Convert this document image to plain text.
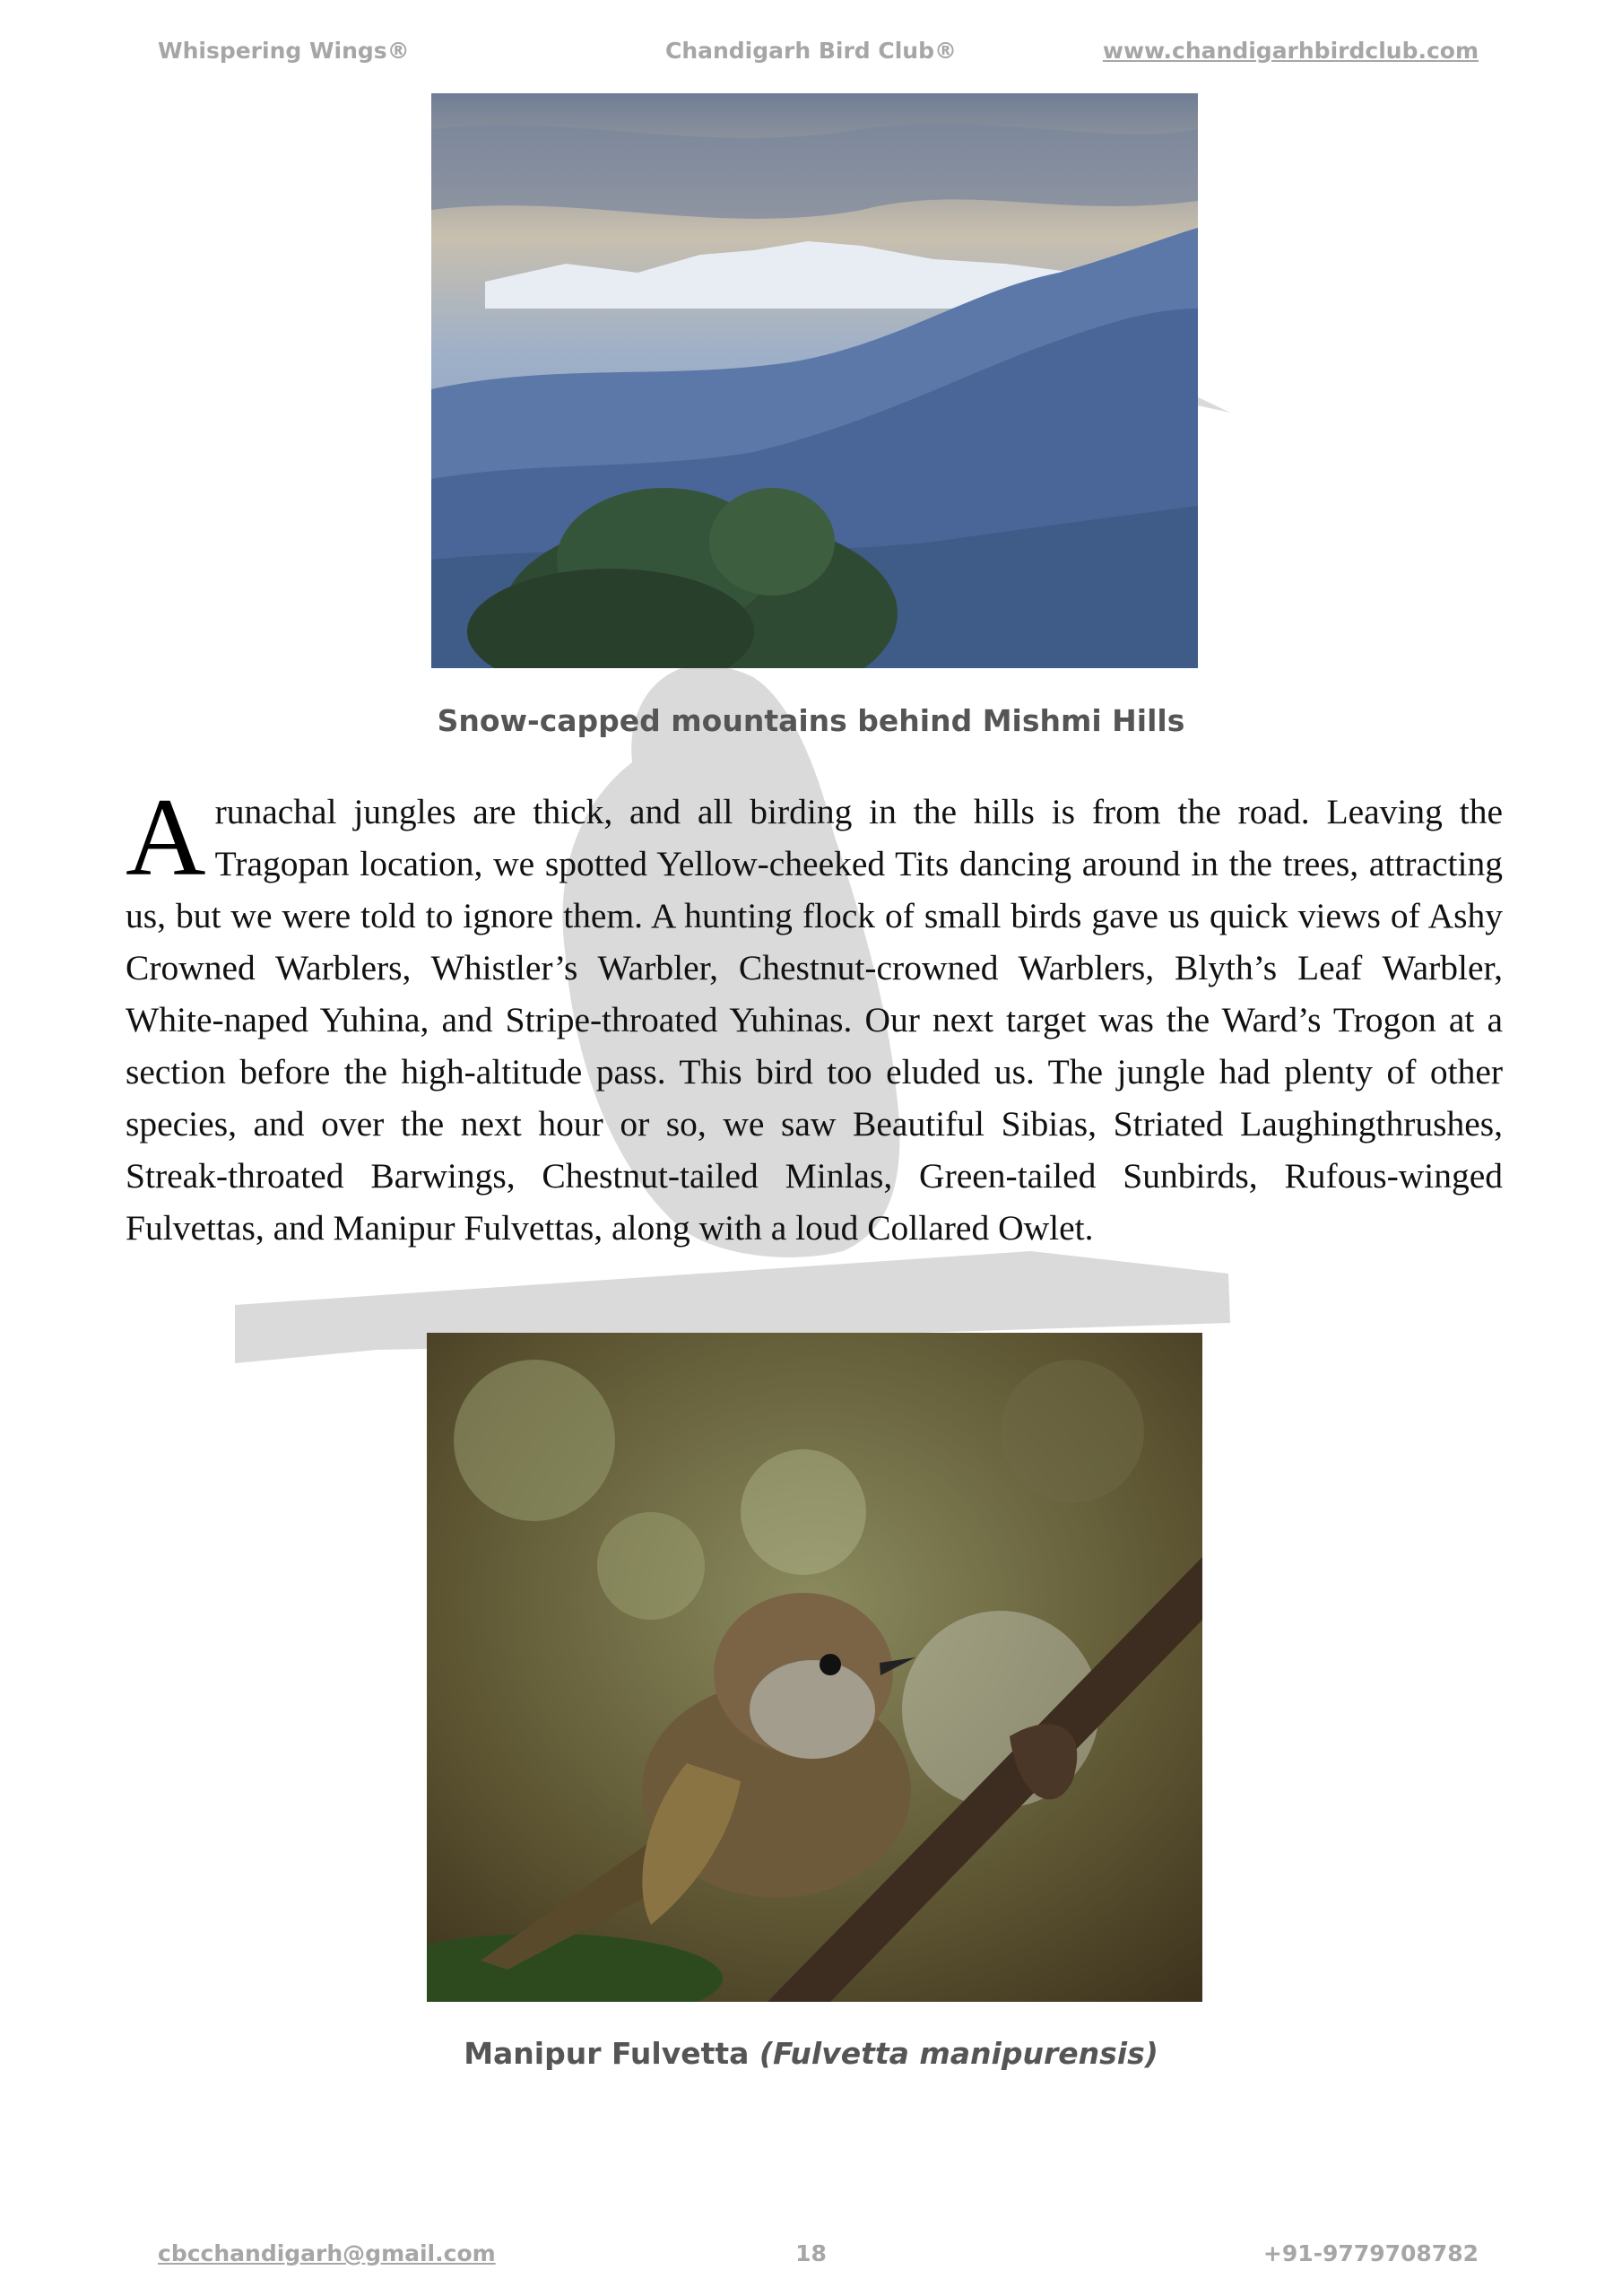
Whispering Wings®	Chandigarh Bird Club®	www.chandigarhbirdclub.com
Snow-capped mountains behind Mishmi Hills
Arunachal jungles are thick, and all birding in the hills is from the road. Leaving the Tragopan location, we spotted Yellow-cheeked Tits dancing around in the trees, attracting us, but we were told to ignore them. A hunting flock of small birds gave us quick views of Ashy Crowned Warblers, Whistler’s Warbler, Chestnut-crowned Warblers, Blyth’s Leaf Warbler, White-naped Yuhina, and Stripe-throated Yuhinas. Our next target was the Ward’s Trogon at a section before the high-altitude pass. This bird too eluded us. The jungle had plenty of other species, and over the next hour or so, we saw Beautiful Sibias, Striated Laughingthrushes, Streak-throated Barwings, Chestnut-tailed Minlas, Green-tailed Sunbirds, Rufous-winged Fulvettas, and Manipur Fulvettas, along with a loud Collared Owlet.
Manipur Fulvetta (Fulvetta manipurensis)
cbcchandigarh@gmail.com	18	+91-9779708782
